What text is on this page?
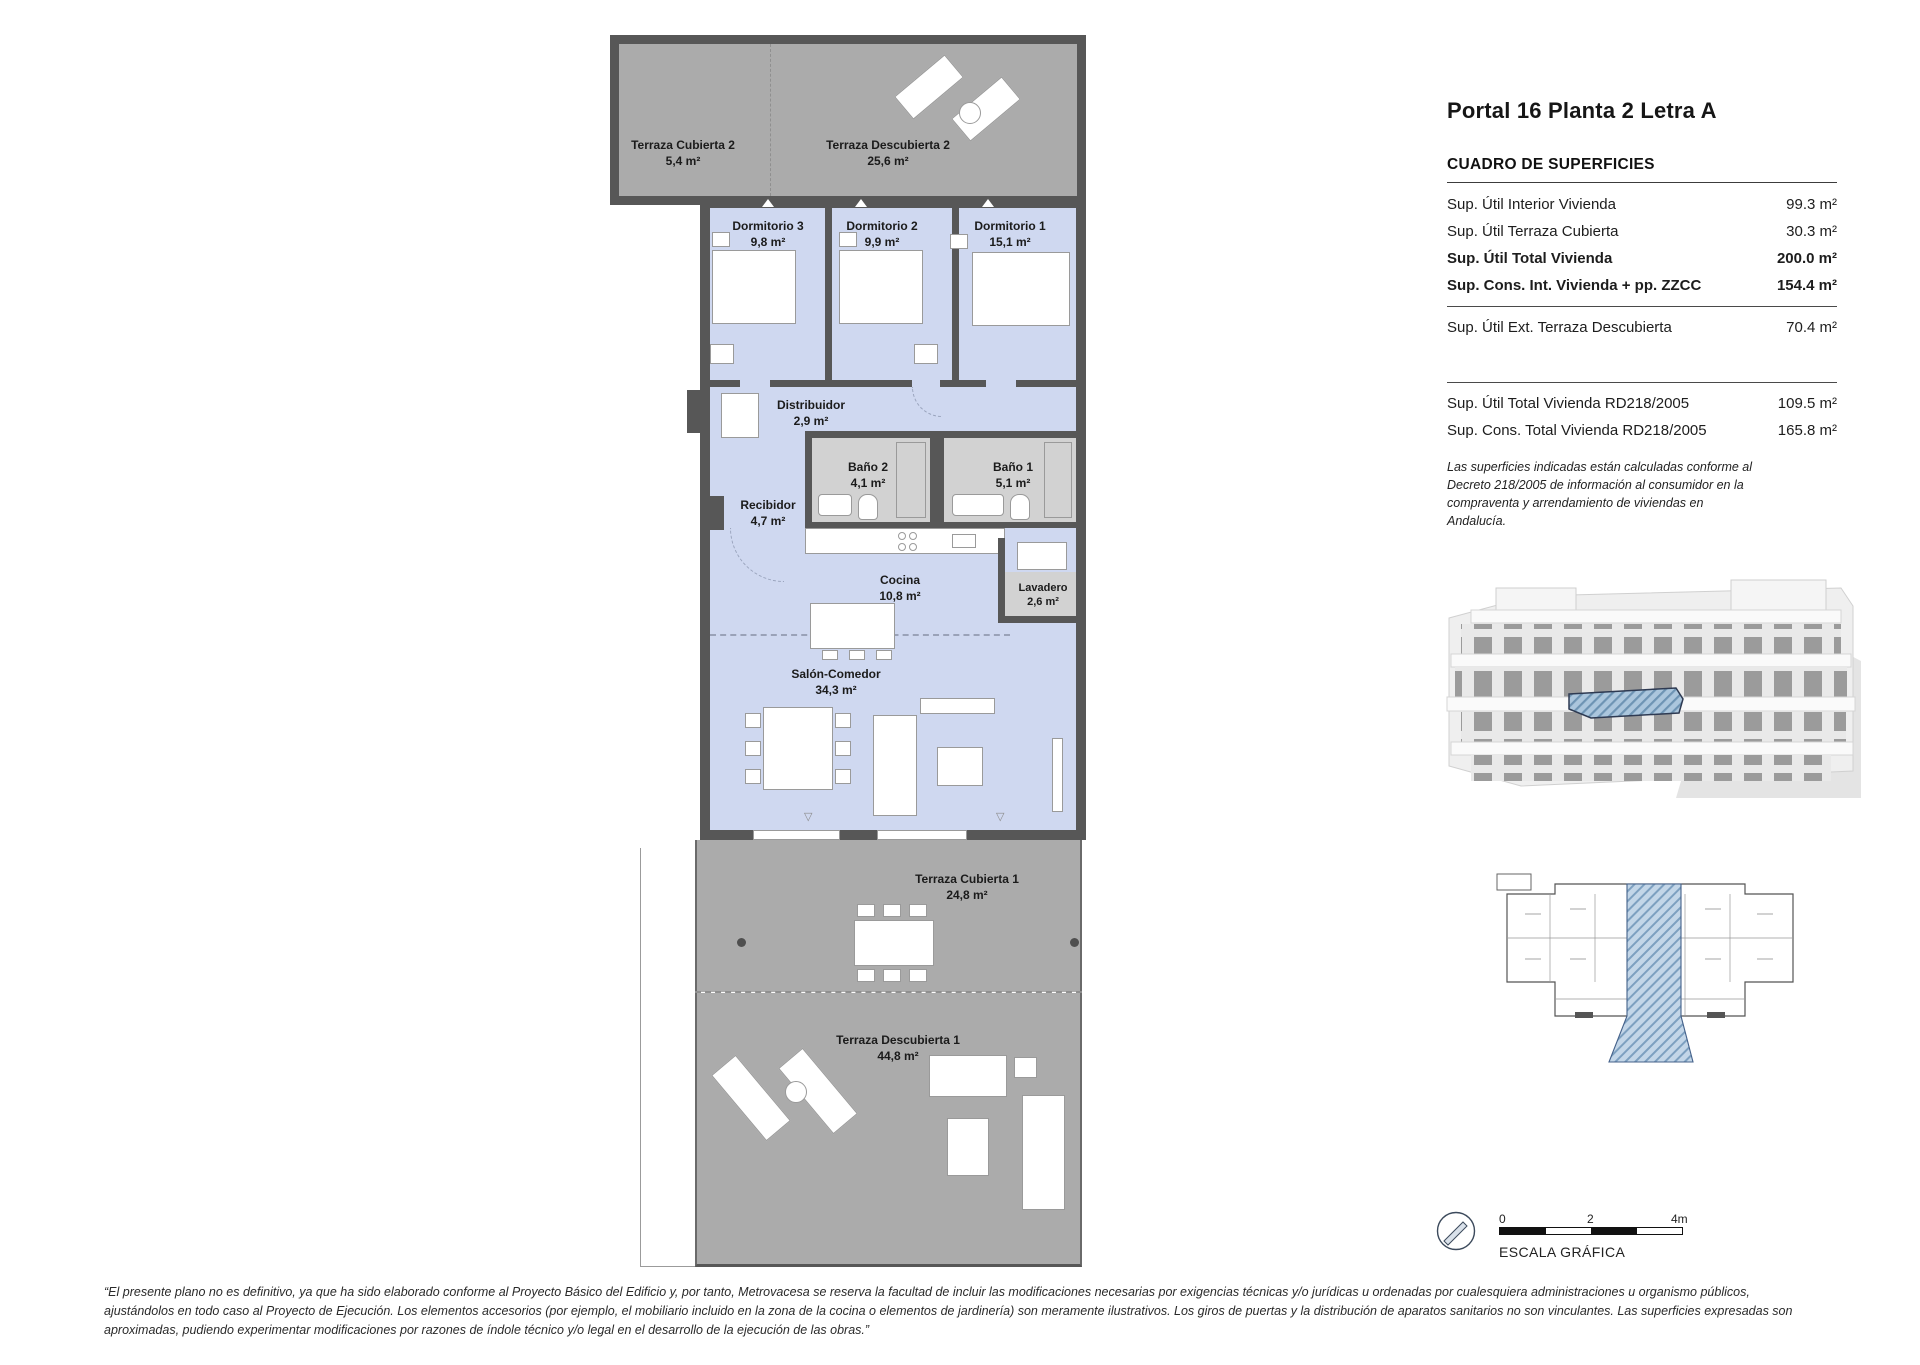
Terraza Cubierta 2
5,4 m²
Terraza Descubierta 2
25,6 m²
▽	▽
Dormitorio 3
9,8 m²
Dormitorio 2
9,9 m²
Dormitorio 1
15,1 m²
Distribuidor
2,9 m²
Baño 2
4,1 m²
Baño 1
5,1 m²
Recibidor
4,7 m²
Cocina
10,8 m²
Lavadero
2,6 m²
Salón-Comedor
34,3 m²
Terraza Cubierta 1
24,8 m²
Terraza Descubierta 1
44,8 m²
Portal 16 Planta 2 Letra A
CUADRO DE SUPERFICIES
Sup. Útil Interior Vivienda	99.3 m²
Sup. Útil Terraza Cubierta	30.3 m²
Sup. Útil Total Vivienda	200.0 m²
Sup. Cons. Int. Vivienda + pp. ZZCC	154.4 m²
Sup. Útil Ext. Terraza Descubierta	70.4 m²
Sup. Útil Total Vivienda RD218/2005	109.5 m²
Sup. Cons. Total Vivienda RD218/2005	165.8 m²

Las superficies indicadas están calculadas conforme al Decreto 218/2005 de información al consumidor en la compraventa y arrendamiento de viviendas en Andalucía.

0	2	4m
ESCALA GRÁFICA

“El presente plano no es definitivo, ya que ha sido elaborado conforme al Proyecto Básico del Edificio y, por tanto, Metrovacesa se reserva la facultad de incluir las modificaciones necesarias por exigencias técnicas y/o jurídicas u ordenadas por cualesquiera administraciones u organismo públicos, ajustándolos en todo caso al Proyecto de Ejecución. Los elementos accesorios (por ejemplo, el mobiliario incluido en la zona de la cocina o elementos de jardinería) son meramente ilustrativos. Los giros de puertas y la distribución de aparatos sanitarios no son vinculantes. Las superficies expresadas son aproximadas, pudiendo experimentar modificaciones por razones de índole técnico y/o legal en el desarrollo de la ejecución de las obras.”
